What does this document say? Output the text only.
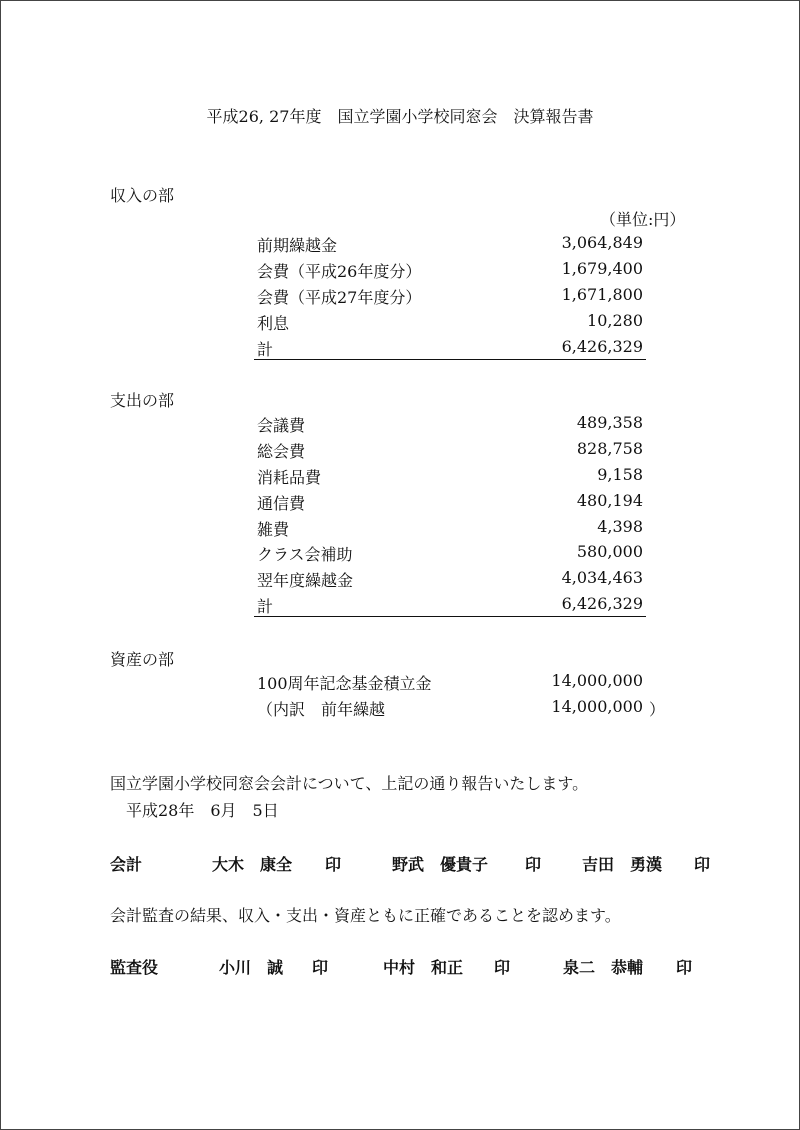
平成26, 27年度　国立学園小学校同窓会　決算報告書
収入の部
（単位:円）
前期繰越金	3,064,849
会費（平成26年度分）	1,679,400
会費（平成27年度分）	1,671,800
利息	10,280
計	6,426,329
支出の部
会議費	489,358
総会費	828,758
消耗品費	9,158
通信費	480,194
雑費	4,398
クラス会補助	580,000
翌年度繰越金	4,034,463
計	6,426,329
資産の部
100周年記念基金積立金	14,000,000
（内訳　前年繰越	14,000,000 ）
国立学園小学校同窓会会計について、上記の通り報告いたします。
平成28年　6月　5日
会計	大木　康全 印	野武　優貴子 印	吉田　勇漢 印
会計監査の結果、収入・支出・資産ともに正確であることを認めます。
監査役	小川　誠 印	中村　和正 印	泉二　恭輔 印
